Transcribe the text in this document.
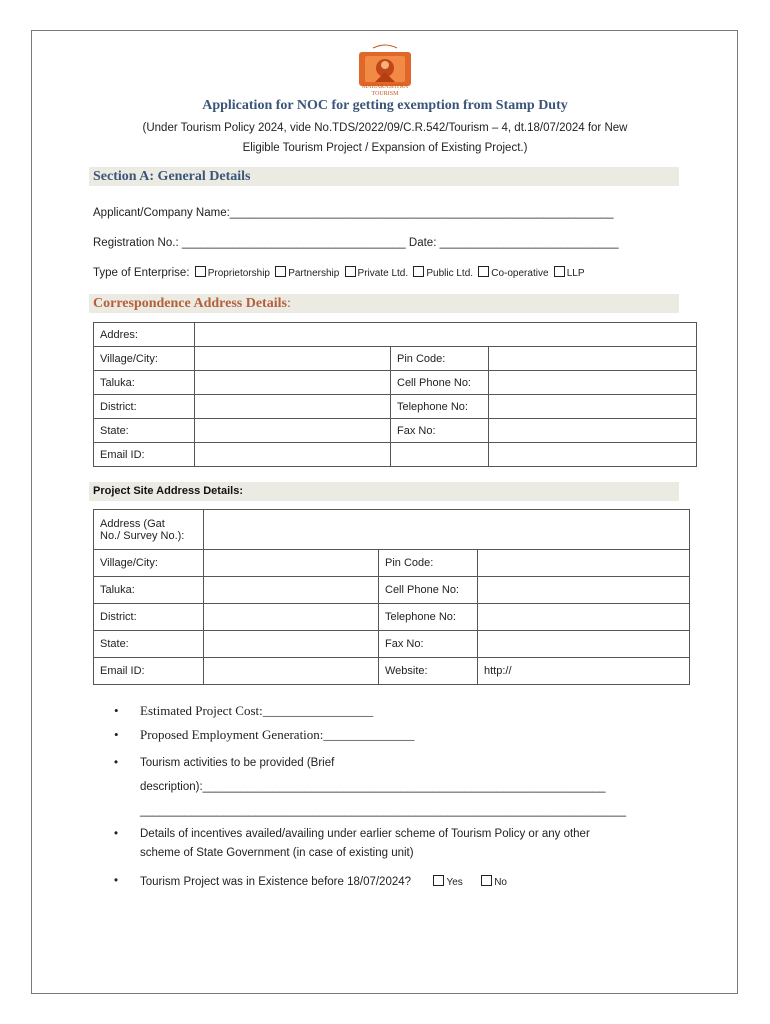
MAHARASHTRA
TOURISM
Application for NOC for getting exemption from Stamp Duty
(Under Tourism Policy 2024, vide No.TDS/2022/09/C.R.542/Tourism – 4, dt.18/07/2024 for New
Eligible Tourism Project / Expansion of Existing Project.)
Section A: General Details
Applicant/Company Name:____________________________________________________________
Registration No.: ___________________________________ Date: ____________________________
Type of Enterprise: Proprietorship Partnership Private Ltd. Public Ltd. Co-operative LLP
Correspondence Address Details:
Addres:			
Village/City:		Pin Code:	
Taluka:		Cell Phone No:	
District:		Telephone No:	
State:		Fax No:	
Email ID:			
Project Site Address Details:
Address (Gat
No./ Survey No.):			

Village/City:		Pin Code:	
Taluka:		Cell Phone No:	
District:		Telephone No:	
State:		Fax No:	
Email ID:		Website:	http://
• Estimated Project Cost:_________________
• Proposed Employment Generation:______________
• Tourism activities to be provided (Brief
description):_______________________________________________________________
____________________________________________________________________________
• Details of incentives availed/availing under earlier scheme of Tourism Policy or any other
scheme of State Government (in case of existing unit)
• Tourism Project was in Existence before 18/07/2024?	Yes	No
